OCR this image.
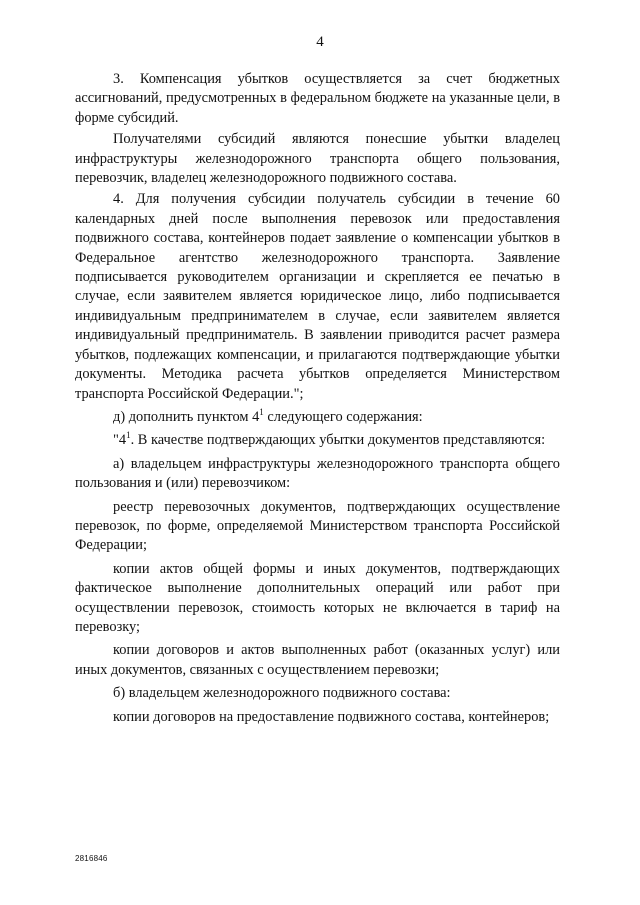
4

3. Компенсация убытков осуществляется за счет бюджетных ассигнований, предусмотренных в федеральном бюджете на указанные цели, в форме субсидий.

Получателями субсидий являются понесшие убытки владелец инфраструктуры железнодорожного транспорта общего пользования, перевозчик, владелец железнодорожного подвижного состава.

4. Для получения субсидии получатель субсидии в течение 60 календарных дней после выполнения перевозок или предоставления подвижного состава, контейнеров подает заявление о компенсации убытков в Федеральное агентство железнодорожного транспорта. Заявление подписывается руководителем организации и скрепляется ее печатью в случае, если заявителем является юридическое лицо, либо подписывается индивидуальным предпринимателем в случае, если заявителем является индивидуальный предприниматель. В заявлении приводится расчет размера убытков, подлежащих компенсации, и прилагаются подтверждающие убытки документы. Методика расчета убытков определяется Министерством транспорта Российской Федерации.";

д) дополнить пунктом $4^1$ следующего содержания:

"$4^1$. В качестве подтверждающих убытки документов представляются:

а) владельцем инфраструктуры железнодорожного транспорта общего пользования и (или) перевозчиком:

реестр перевозочных документов, подтверждающих осуществление перевозок, по форме, определяемой Министерством транспорта Российской Федерации;

копии актов общей формы и иных документов, подтверждающих фактическое выполнение дополнительных операций или работ при осуществлении перевозок, стоимость которых не включается в тариф на перевозку;

копии договоров и актов выполненных работ (оказанных услуг) или иных документов, связанных с осуществлением перевозки;

б) владельцем железнодорожного подвижного состава:

копии договоров на предоставление подвижного состава, контейнеров;

2816846
